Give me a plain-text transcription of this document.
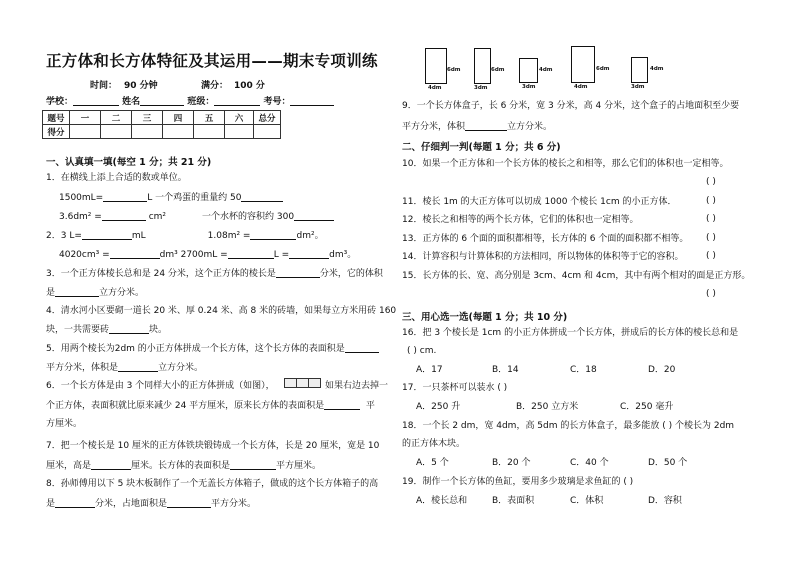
正方体和长方体特征及其运用——期末专项训练
时间： 90 分钟	满分： 100 分
学校：	姓名	班级：	考号：
题号	一	二	三	四	五	六	总分
得分							
一、认真填一填(每空 1 分；共 21 分)
1．在横线上添上合适的数或单位。
1500mL=	L 一个鸡蛋的重量约 50
3.6dm² =	cm²	一个水杯的容积约 300
2．3 L=	mL	1.08m² =	dm²。
4020cm³ =	dm³ 2700mL =	L =	dm³。
3．一个正方体棱长总和是 24 分米，这个正方体的棱长是	分米，它的体积
是	立方分米。
4．清水河小区要砌一道长 20 米、厚 0.24 米、高 8 米的砖墙，如果每立方米用砖 160
块，一共需要砖	块。
5．用两个棱长为2dm 的小正方体拼成一个长方体，这个长方体的表面积是
平方分米，体积是	立方分米。
6．一个长方体是由 3 个同样大小的正方体拼成（如图），	如果右边去掉一
个正方体，表面积就比原来减少 24 平方厘米，原来长方体的表面积是	平
方厘米。
7．把一个棱长是 10 厘米的正方体铁块锻铸成一个长方体，长是 20 厘米，宽是 10
厘米，高是	厘米。长方体的表面积是	平方厘米。
8．孙师傅用以下 5 块木板制作了一个无盖长方体箱子，做成的这个长方体箱子的高
是	分米，占地面积是	平方分米。
6dm
4dm
6dm
3dm
4dm
3dm
6dm
4dm
4dm
3dm
9．一个长方体盒子，长 6 分米，宽 3 分米，高 4 分米，这个盒子的占地面积至少要
平方分米，体积	立方分米。
二、仔细判一判(每题 1 分；共 6 分)
10．如果一个正方体和一个长方体的棱长之和相等，那么它们的体积也一定相等。
( )
11．棱长 1m 的大正方体可以切成 1000 个棱长 1cm 的小正方体．	( )
12．棱长之和相等的两个长方体，它们的体积也一定相等。	( )
13．正方体的 6 个面的面积都相等，长方体的 6 个面的面积都不相等。 ( )
14．计算容积与计算体积的方法相同，所以物体的体积等于它的容积。	( )
15．长方体的长、宽、高分别是 3cm、4cm 和 4cm，其中有两个相对的面是正方形。
( )
三、用心选一选(每题 1 分；共 10 分)
16．把 3 个棱长是 1cm 的小正方体拼成一个长方体，拼成后的长方体的棱长总和是
( ) cm.
A．17	B．14	C．18	D．20
17．一只茶杯可以装水 ( )
A．250 升	B．250 立方米	C．250 毫升
18．一个长 2 dm，宽 4dm，高 5dm 的长方体盒子，最多能放 ( ) 个棱长为 2dm
的正方体木块。
A．5 个	B．20 个	C．40 个	D．50 个
19．制作一个长方体的鱼缸，要用多少玻璃是求鱼缸的 ( )
A．棱长总和	B．表面积	C．体积	D．容积
